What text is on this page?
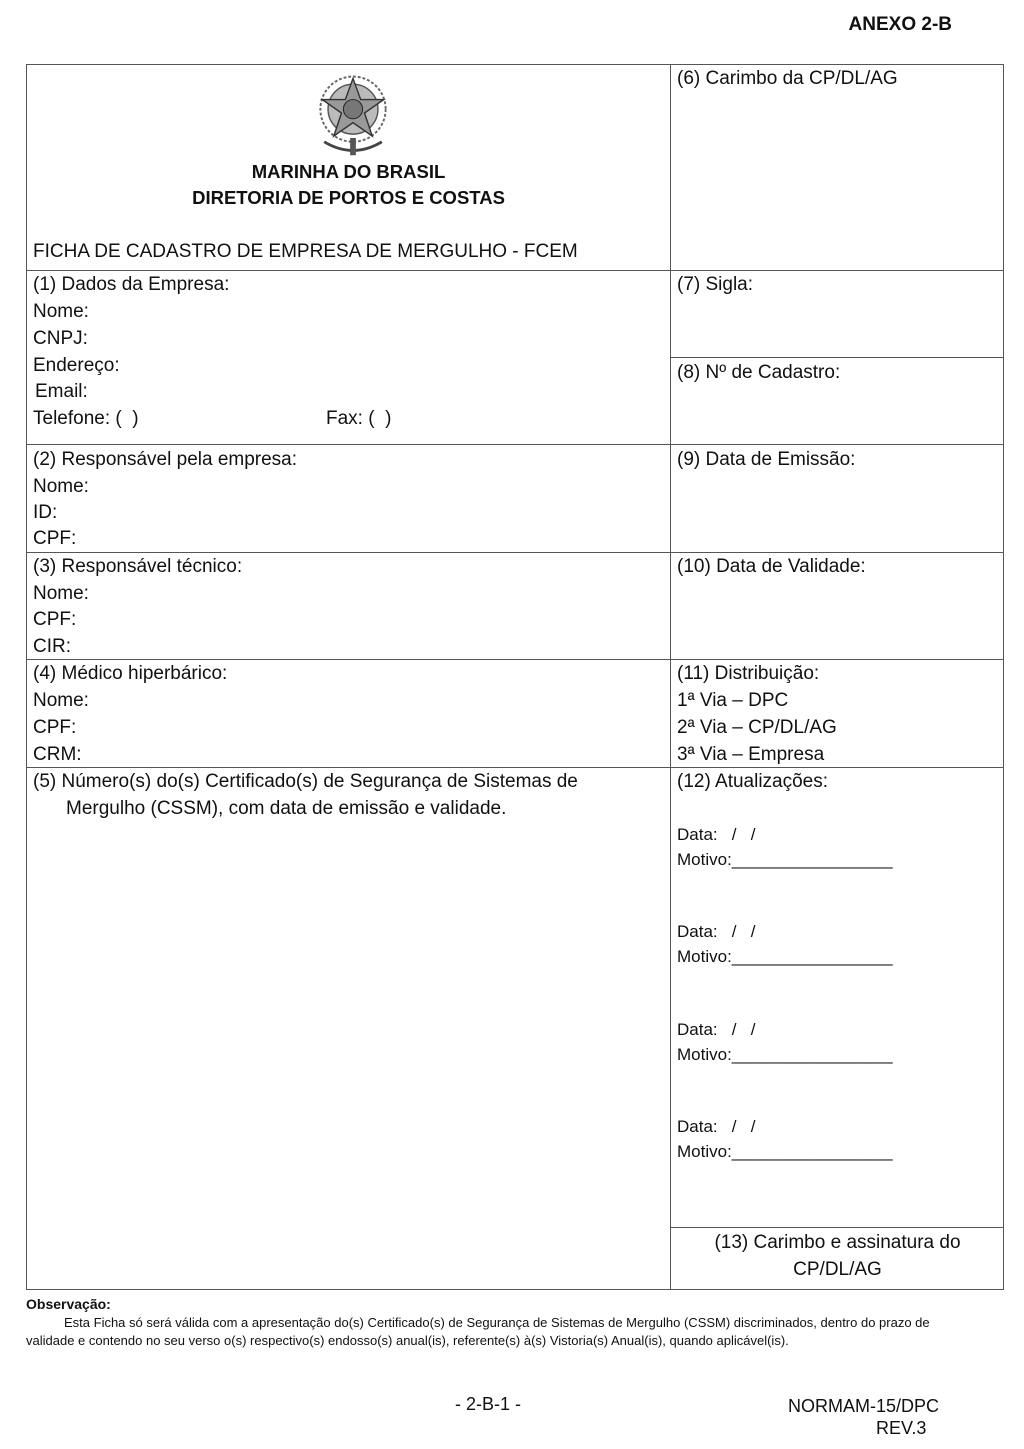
ANEXO 2-B
MARINHA DO BRASIL
DIRETORIA DE PORTOS E COSTAS
FICHA DE CADASTRO DE EMPRESA DE MERGULHO - FCEM
(6) Carimbo da CP/DL/AG
(7) Sigla:
(8) Nº de Cadastro:
(9) Data de Emissão:
(10) Data de Validade:
(11) Distribuição:
1ª Via – DPC
2ª Via – CP/DL/AG
3ª Via – Empresa
(12) Atualizações:
Data:   /   /
Motivo:_________________
Data:   /   /
Motivo:_________________
Data:   /   /
Motivo:_________________
Data:   /   /
Motivo:_________________
(13) Carimbo e assinatura do
CP/DL/AG
(1) Dados da Empresa:
Nome:
CNPJ:
Endereço:
Email:
Telefone: (  )	Fax: (  )
(2) Responsável pela empresa:
Nome:
ID:
CPF:
(3) Responsável técnico:
Nome:
CPF:
CIR:
(4) Médico hiperbárico:
Nome:
CPF:
CRM:
(5) Número(s) do(s) Certificado(s) de Segurança de Sistemas de
Mergulho (CSSM), com data de emissão e validade.
Observação:
Esta Ficha só será válida com a apresentação do(s) Certificado(s) de Segurança de Sistemas de Mergulho (CSSM) discriminados, dentro do prazo de validade e contendo no seu verso o(s) respectivo(s) endosso(s) anual(is), referente(s) à(s) Vistoria(s) Anual(is), quando aplicável(is).
- 2-B-1 -	NORMAM-15/DPC
REV.3
